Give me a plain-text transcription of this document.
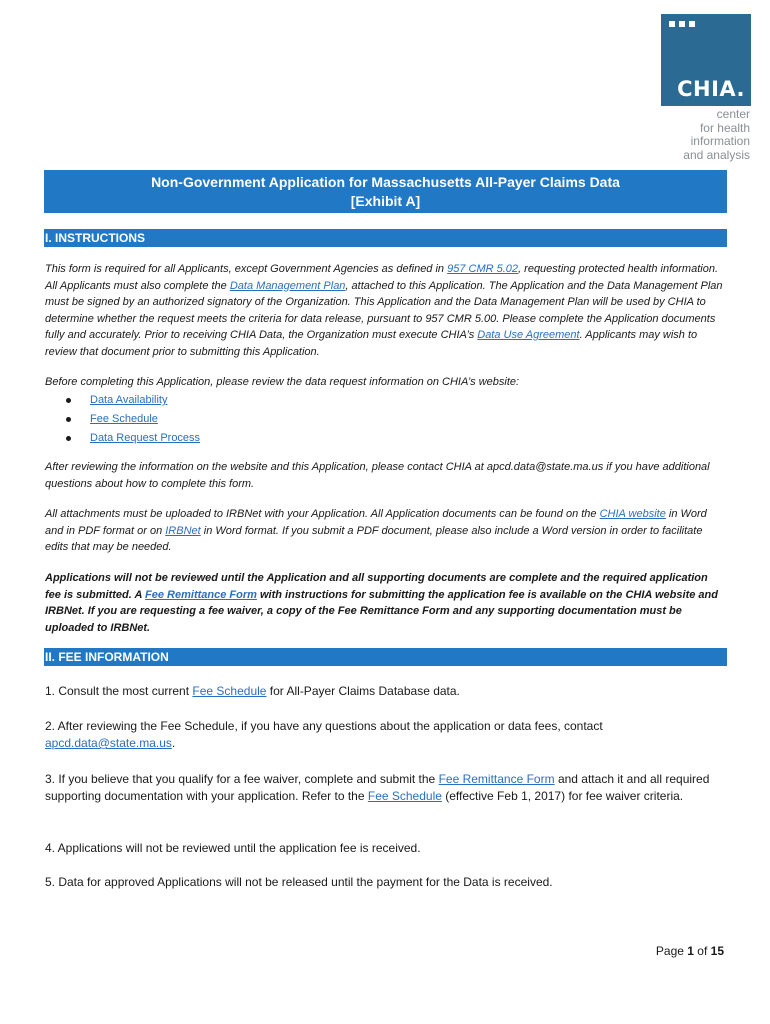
CHIA.
center
for health
information
and analysis
Non-Government Application for Massachusetts All-Payer Claims Data
[Exhibit A]
I. INSTRUCTIONS
This form is required for all Applicants, except Government Agencies as defined in 957 CMR 5.02, requesting protected health information. All Applicants must also complete the Data Management Plan, attached to this Application. The Application and the Data Management Plan must be signed by an authorized signatory of the Organization. This Application and the Data Management Plan will be used by CHIA to determine whether the request meets the criteria for data release, pursuant to 957 CMR 5.00. Please complete the Application documents fully and accurately. Prior to receiving CHIA Data, the Organization must execute CHIA’s Data Use Agreement. Applicants may wish to review that document prior to submitting this Application.
Before completing this Application, please review the data request information on CHIA’s website:
Data Availability
Fee Schedule
Data Request Process
After reviewing the information on the website and this Application, please contact CHIA at apcd.data@state.ma.us if you have additional questions about how to complete this form.
All attachments must be uploaded to IRBNet with your Application. All Application documents can be found on the CHIA website in Word and in PDF format or on IRBNet in Word format. If you submit a PDF document, please also include a Word version in order to facilitate edits that may be needed.
Applications will not be reviewed until the Application and all supporting documents are complete and the required application fee is submitted. A Fee Remittance Form with instructions for submitting the application fee is available on the CHIA website and IRBNet. If you are requesting a fee waiver, a copy of the Fee Remittance Form and any supporting documentation must be uploaded to IRBNet.
II. FEE INFORMATION
1. Consult the most current Fee Schedule for All-Payer Claims Database data.
2. After reviewing the Fee Schedule, if you have any questions about the application or data fees, contact apcd.data@state.ma.us.
3. If you believe that you qualify for a fee waiver, complete and submit the Fee Remittance Form and attach it and all required supporting documentation with your application. Refer to the Fee Schedule (effective Feb 1, 2017) for fee waiver criteria.
4. Applications will not be reviewed until the application fee is received.
5. Data for approved Applications will not be released until the payment for the Data is received.
Page 1 of 15
